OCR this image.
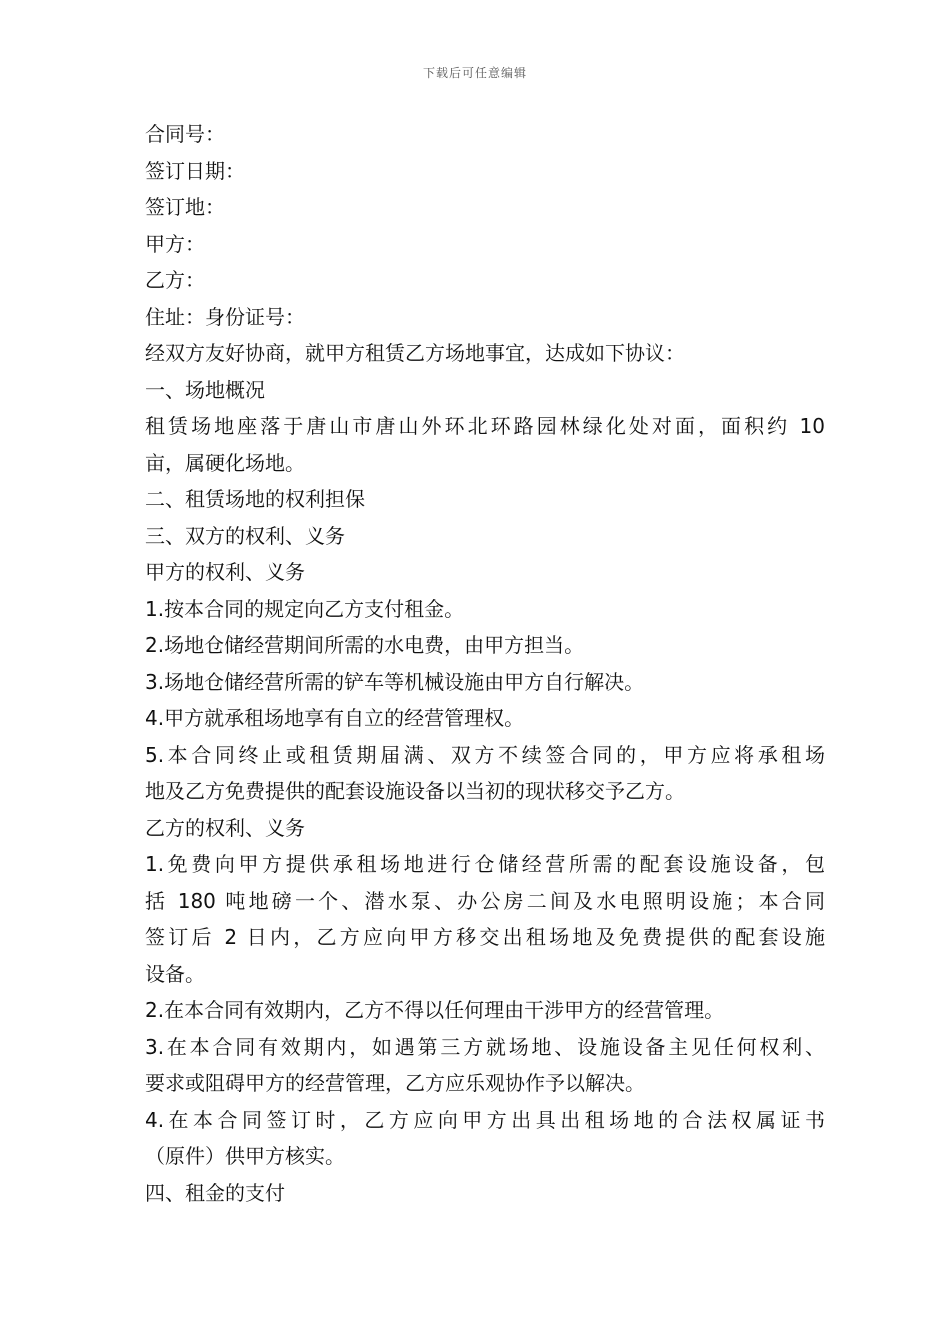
下载后可任意编辑
合同号：
签订日期：
签订地：
甲方：
乙方：
住址：身份证号：
经双方友好协商，就甲方租赁乙方场地事宜，达成如下协议：
一、场地概况
租赁场地座落于唐山市唐山外环北环路园林绿化处对面，面积约 10
亩，属硬化场地。
二、租赁场地的权利担保
三、双方的权利、义务
甲方的权利、义务
1.按本合同的规定向乙方支付租金。
2.场地仓储经营期间所需的水电费，由甲方担当。
3.场地仓储经营所需的铲车等机械设施由甲方自行解决。
4.甲方就承租场地享有自立的经营管理权。
5.本合同终止或租赁期届满、双方不续签合同的，甲方应将承租场
地及乙方免费提供的配套设施设备以当初的现状移交予乙方。
乙方的权利、义务
1.免费向甲方提供承租场地进行仓储经营所需的配套设施设备，包
括 180 吨地磅一个、潜水泵、办公房二间及水电照明设施；本合同
签订后 2 日内，乙方应向甲方移交出租场地及免费提供的配套设施
设备。
2.在本合同有效期内，乙方不得以任何理由干涉甲方的经营管理。
3.在本合同有效期内，如遇第三方就场地、设施设备主见任何权利、
要求或阻碍甲方的经营管理，乙方应乐观协作予以解决。
4.在本合同签订时，乙方应向甲方出具出租场地的合法权属证书
（原件）供甲方核实。
四、租金的支付
